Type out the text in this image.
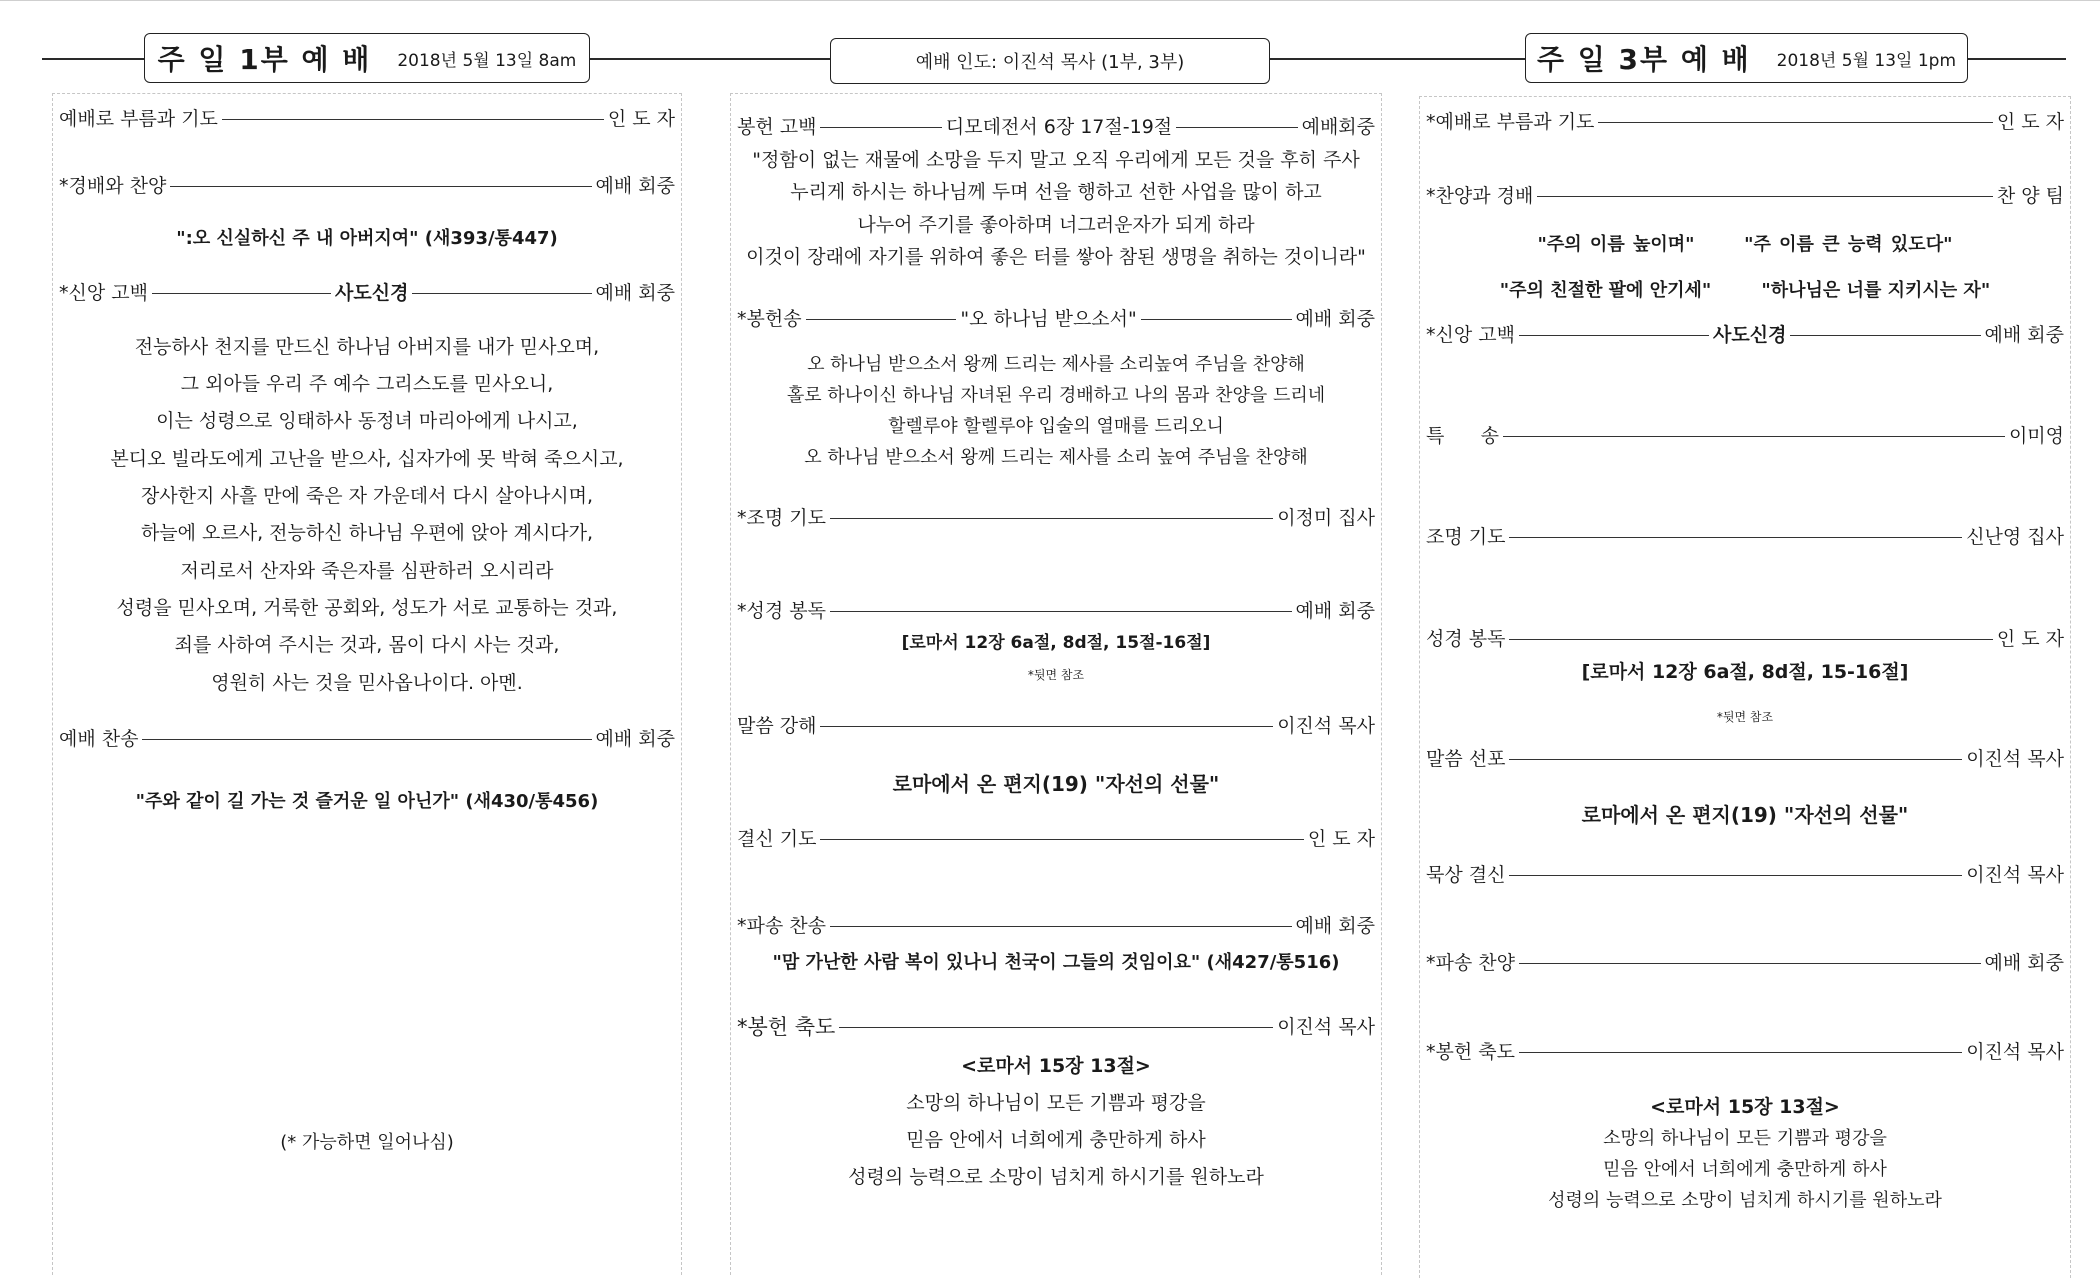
주 일 1부 예 배 2018년 5월 13일 8am	예배 인도: 이진석 목사 (1부, 3부)	주 일 3부 예 배 2018년 5월 13일 1pm
예배로 부름과 기도	인 도 자
*경배와 찬양	예배 회중
":오 신실하신 주 내 아버지여" (새393/통447)
*신앙 고백	사도신경	예배 회중
전능하사 천지를 만드신 하나님 아버지를 내가 믿사오며,
그 외아들 우리 주 예수 그리스도를 믿사오니,
이는 성령으로 잉태하사 동정녀 마리아에게 나시고,
본디오 빌라도에게 고난을 받으사, 십자가에 못 박혀 죽으시고,
장사한지 사흘 만에 죽은 자 가운데서 다시 살아나시며,
하늘에 오르사, 전능하신 하나님 우편에 앉아 계시다가,
저리로서 산자와 죽은자를 심판하러 오시리라
성령을 믿사오며, 거룩한 공회와, 성도가 서로 교통하는 것과,
죄를 사하여 주시는 것과, 몸이 다시 사는 것과,
영원히 사는 것을 믿사옵나이다. 아멘.
예배 찬송	예배 회중
"주와 같이 길 가는 것 즐거운 일 아닌가" (새430/통456)
(* 가능하면 일어나심)
봉헌 고백	디모데전서 6장 17절-19절	예배회중
"정함이 없는 재물에 소망을 두지 말고 오직 우리에게 모든 것을 후히 주사
누리게 하시는 하나님께 두며 선을 행하고 선한 사업을 많이 하고
나누어 주기를 좋아하며 너그러운자가 되게 하라
이것이 장래에 자기를 위하여 좋은 터를 쌓아 참된 생명을 취하는 것이니라"
*봉헌송	"오 하나님 받으소서"	예배 회중
오 하나님 받으소서 왕께 드리는 제사를 소리높여 주님을 찬양해
홀로 하나이신 하나님 자녀된 우리 경배하고 나의 몸과 찬양을 드리네
할렐루야 할렐루야 입술의 열매를 드리오니
오 하나님 받으소서 왕께 드리는 제사를 소리 높여 주님을 찬양해
*조명 기도	이정미 집사
*성경 봉독	예배 회중
[로마서 12장 6a절, 8d절, 15절-16절]
*뒷면 참조
말씀 강해	이진석 목사
로마에서 온 편지(19) "자선의 선물"
결신 기도	인 도 자
*파송 찬송	예배 회중
"맘 가난한 사람 복이 있나니 천국이 그들의 것임이요" (새427/통516)
*봉헌 축도	이진석 목사
<로마서 15장 13절>
소망의 하나님이 모든 기쁨과 평강을
믿음 안에서 너희에게 충만하게 하사
성령의 능력으로 소망이 넘치게 하시기를 원하노라
*예배로 부름과 기도	인 도 자
*찬양과 경배	찬 양 팀
"주의 이름 높이며"	"주 이름 큰 능력 있도다"
"주의 친절한 팔에 안기세"	"하나님은 너를 지키시는 자"
*신앙 고백	사도신경	예배 회중
특      송	이미영
조명 기도	신난영 집사
성경 봉독	인 도 자
[로마서 12장 6a절, 8d절, 15-16절]
*뒷면 참조
말씀 선포	이진석 목사
로마에서 온 편지(19) "자선의 선물"
묵상 결신	이진석 목사
*파송 찬양	예배 회중
*봉헌 축도	이진석 목사
<로마서 15장 13절>
소망의 하나님이 모든 기쁨과 평강을
믿음 안에서 너희에게 충만하게 하사
성령의 능력으로 소망이 넘치게 하시기를 원하노라
